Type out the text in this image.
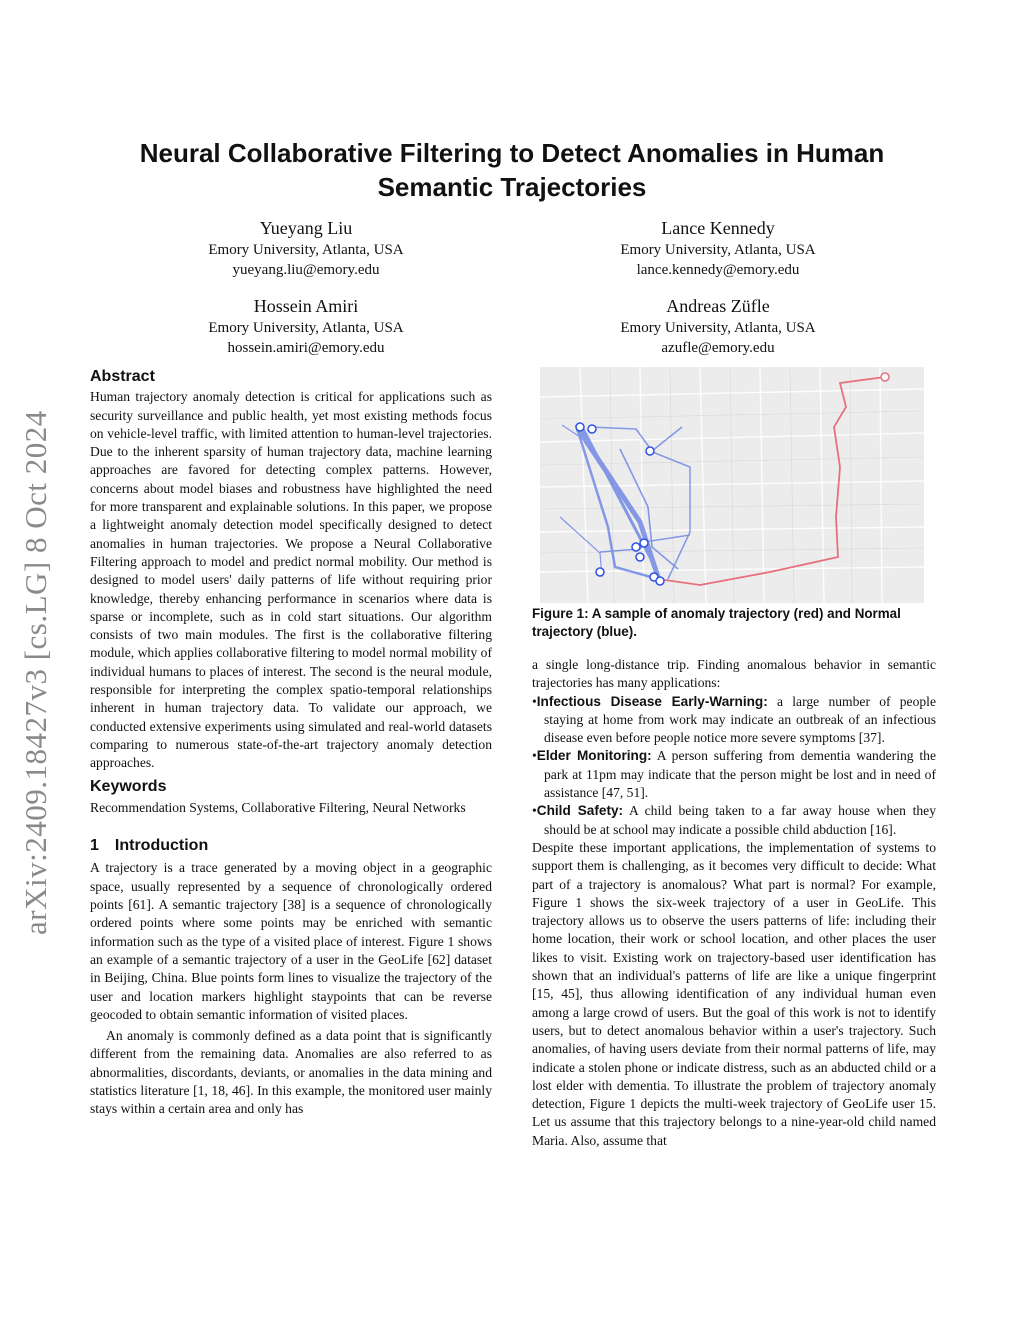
arXiv:2409.18427v3 [cs.LG] 8 Oct 2024
Neural Collaborative Filtering to Detect Anomalies in Human Semantic Trajectories
Yueyang Liu
Emory University, Atlanta, USA
yueyang.liu@emory.edu
Lance Kennedy
Emory University, Atlanta, USA
lance.kennedy@emory.edu
Hossein Amiri
Emory University, Atlanta, USA
hossein.amiri@emory.edu
Andreas Züfle
Emory University, Atlanta, USA
azufle@emory.edu
Abstract

Human trajectory anomaly detection is critical for applications such as security surveillance and public health, yet most existing methods focus on vehicle-level traffic, with limited attention to human-level trajectories. Due to the inherent sparsity of human trajectory data, machine learning approaches are favored for detecting complex patterns. However, concerns about model biases and robustness have highlighted the need for more transparent and explainable solutions. In this paper, we propose a lightweight anomaly detection model specifically designed to detect anomalies in human trajectories. We propose a Neural Collaborative Filtering approach to model and predict normal mobility. Our method is designed to model users' daily patterns of life without requiring prior knowledge, thereby enhancing performance in scenarios where data is sparse or incomplete, such as in cold start situations. Our algorithm consists of two main modules. The first is the collaborative filtering module, which applies collaborative filtering to model normal mobility of individual humans to places of interest. The second is the neural module, responsible for interpreting the complex spatio-temporal relationships inherent in human trajectory data. To validate our approach, we conducted extensive experiments using simulated and real-world datasets comparing to numerous state-of-the-art trajectory anomaly detection approaches.

Keywords

Recommendation Systems, Collaborative Filtering, Neural Networks

1 Introduction

A trajectory is a trace generated by a moving object in a geographic space, usually represented by a sequence of chronologically ordered points [61]. A semantic trajectory [38] is a sequence of chronologically ordered points where some points may be enriched with semantic information such as the type of a visited place of interest. Figure 1 shows an example of a semantic trajectory of a user in the GeoLife [62] dataset in Beijing, China. Blue points form lines to visualize the trajectory of the user and location markers highlight staypoints that can be reverse geocoded to obtain semantic information of visited places.

An anomaly is commonly defined as a data point that is significantly different from the remaining data. Anomalies are also referred to as abnormalities, discordants, deviants, or anomalies in the data mining and statistics literature [1, 18, 46]. In this example, the monitored user mainly stays within a certain area and only has

Figure 1: A sample of anomaly trajectory (red) and Normal trajectory (blue).

a single long-distance trip. Finding anomalous behavior in semantic trajectories has many applications:

•Infectious Disease Early-Warning: a large number of people staying at home from work may indicate an outbreak of an infectious disease even before people notice more severe symptoms [37].
•Elder Monitoring: A person suffering from dementia wandering the park at 11pm may indicate that the person might be lost and in need of assistance [47, 51].
•Child Safety: A child being taken to a far away house when they should be at school may indicate a possible child abduction [16].

Despite these important applications, the implementation of systems to support them is challenging, as it becomes very difficult to decide: What part of a trajectory is anomalous? What part is normal? For example, Figure 1 shows the six-week trajectory of a user in GeoLife. This trajectory allows us to observe the users patterns of life: including their home location, their work or school location, and other places the user likes to visit. Existing work on trajectory-based user identification has shown that an individual's patterns of life are like a unique fingerprint [15, 45], thus allowing identification of any individual human even among a large crowd of users. But the goal of this work is not to identify users, but to detect anomalous behavior within a user's trajectory. Such anomalies, of having users deviate from their normal patterns of life, may indicate a stolen phone or indicate distress, such as an abducted child or a lost elder with dementia. To illustrate the problem of trajectory anomaly detection, Figure 1 depicts the multi-week trajectory of GeoLife user 15. Let us assume that this trajectory belongs to a nine-year-old child named Maria. Also, assume that
